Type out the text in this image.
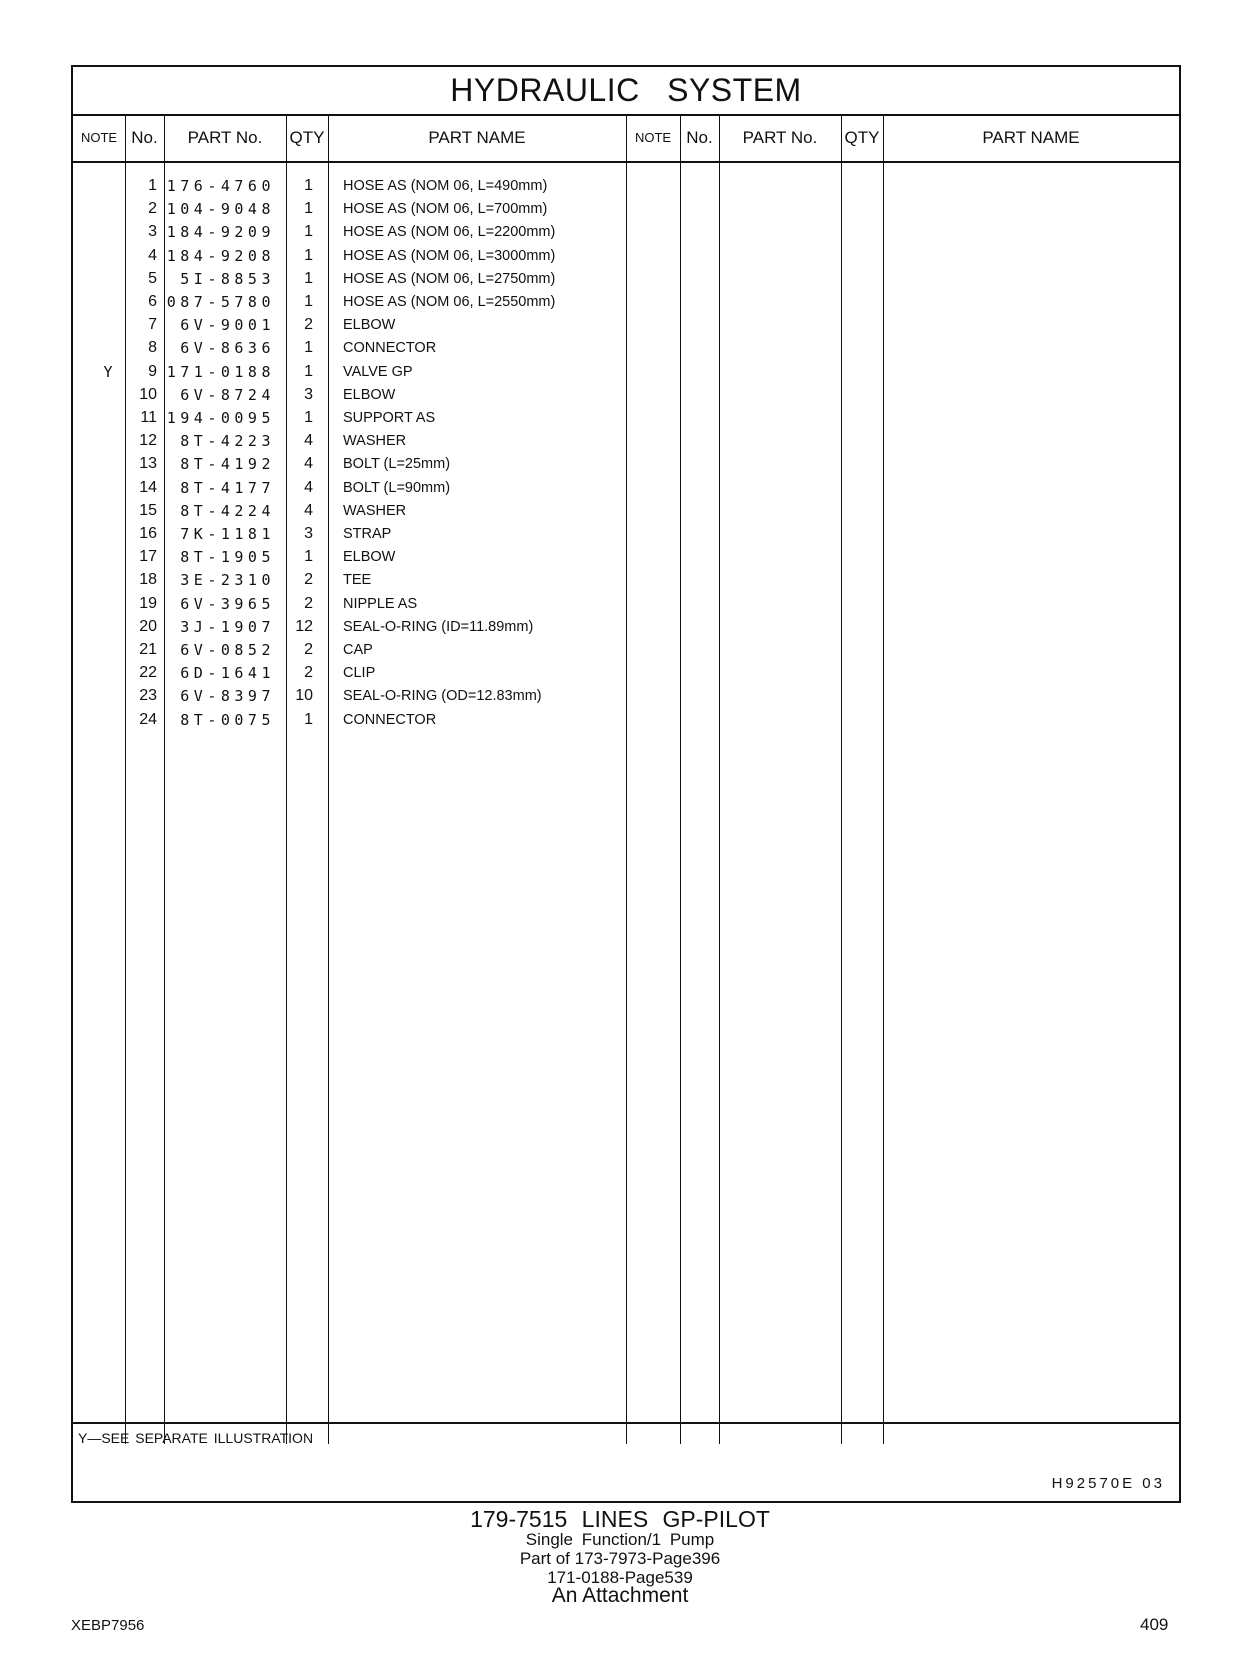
HYDRAULIC SYSTEM
NOTE No.	PART No.	QTY	PART NAME	NOTE No.	PART No.	QTY	PART NAME
1 176-4760	1 HOSE AS (NOM 06, L=490mm)
2 104-9048	1 HOSE AS (NOM 06, L=700mm)
3 184-9209	1 HOSE AS (NOM 06, L=2200mm)
4 184-9208	1 HOSE AS (NOM 06, L=3000mm)
5	5I-8853	1 HOSE AS (NOM 06, L=2750mm)
6 087-5780	1 HOSE AS (NOM 06, L=2550mm)
7	6V-9001	2 ELBOW
8	6V-8636	1 CONNECTOR
Y	9 171-0188	1 VALVE GP
10	6V-8724	3 ELBOW
11 194-0095	1 SUPPORT AS
12	8T-4223	4 WASHER
13	8T-4192	4 BOLT (L=25mm)
14	8T-4177	4 BOLT (L=90mm)
15	8T-4224	4 WASHER
16	7K-1181	3 STRAP
17	8T-1905	1 ELBOW
18	3E-2310	2 TEE
19	6V-3965	2 NIPPLE AS
20	3J-1907	12 SEAL-O-RING (ID=11.89mm)
21	6V-0852	2 CAP
22	6D-1641	2 CLIP
23	6V-8397	10 SEAL-O-RING (OD=12.83mm)
24	8T-0075	1 CONNECTOR
Y—SEE SEPARATE ILLUSTRATION
H92570E 03
179-7515 LINES GP-PILOT
Single Function/1 Pump
Part of 173-7973-Page396
171-0188-Page539
An Attachment
XEBP7956	409
